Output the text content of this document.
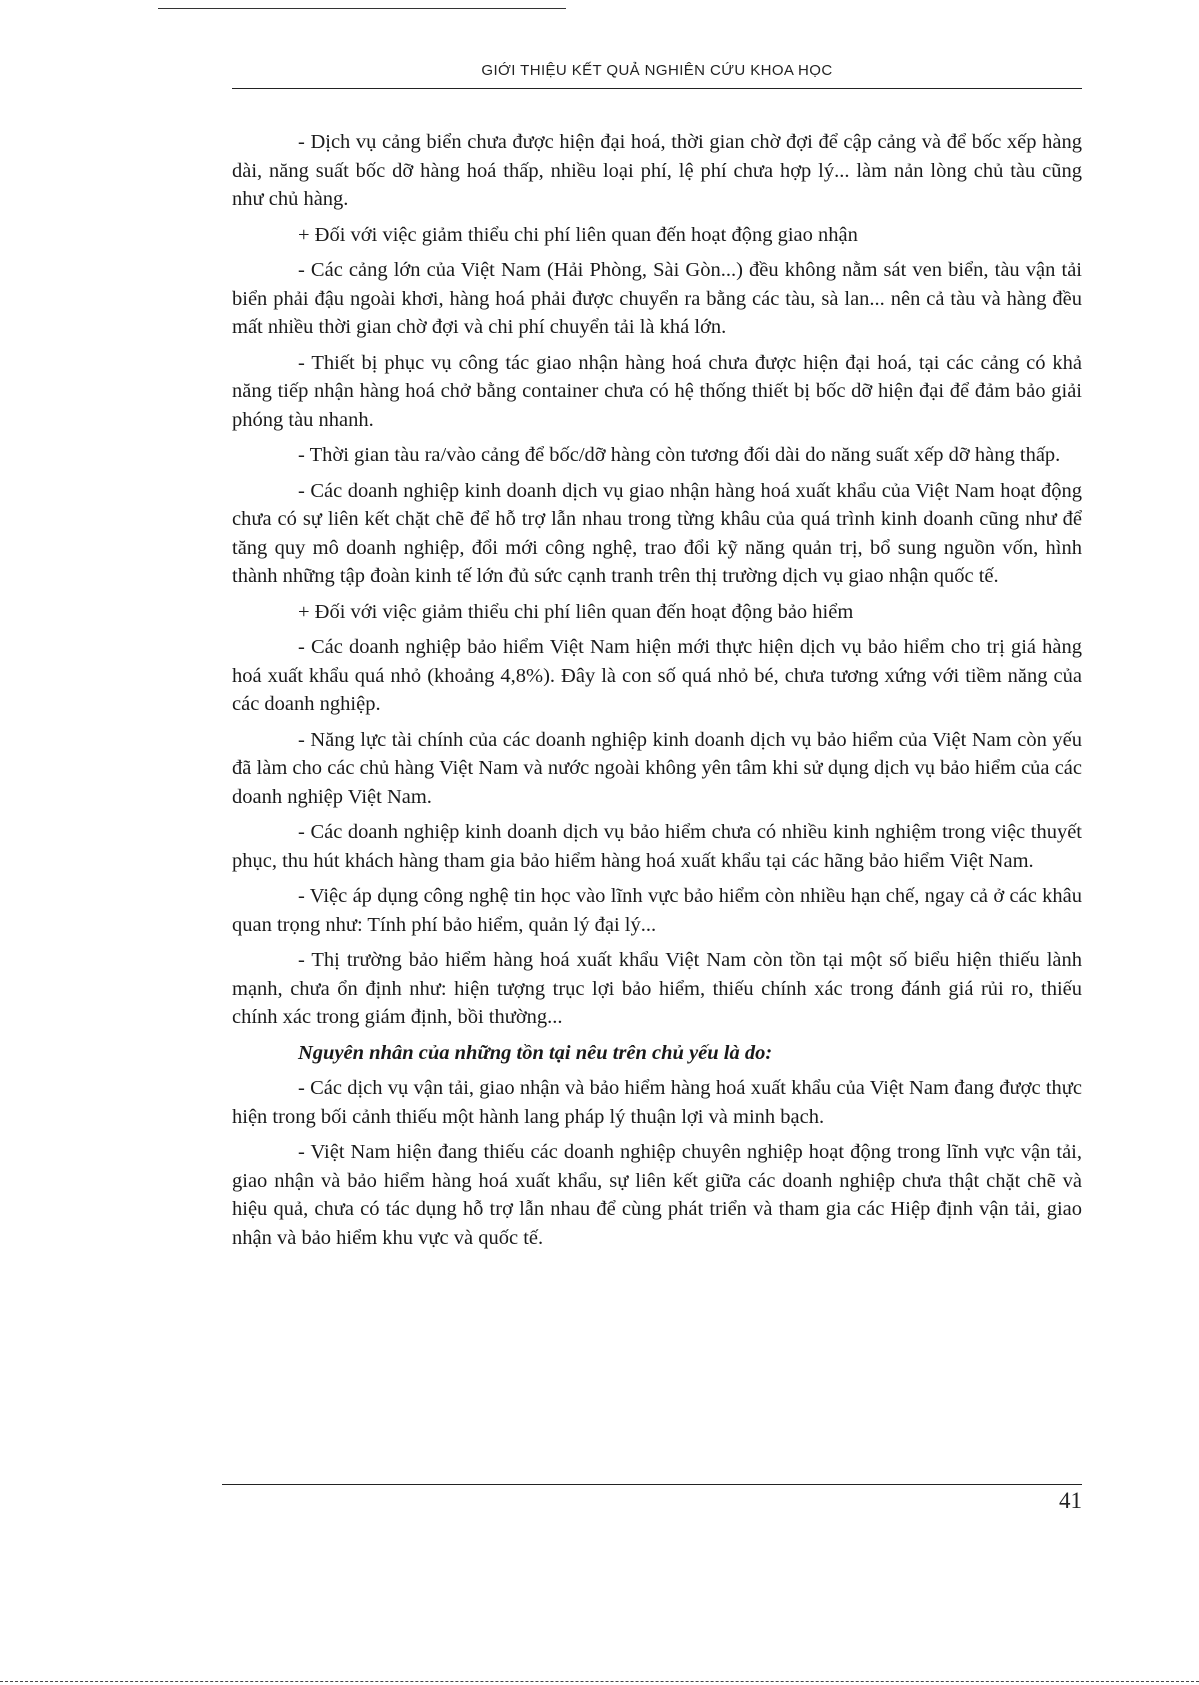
GIỚI THIỆU KẾT QUẢ NGHIÊN CỨU KHOA HỌC

- Dịch vụ cảng biển chưa được hiện đại hoá, thời gian chờ đợi để cập cảng và để bốc xếp hàng dài, năng suất bốc dỡ hàng hoá thấp, nhiều loại phí, lệ phí chưa hợp lý... làm nản lòng chủ tàu cũng như chủ hàng.

+ Đối với việc giảm thiểu chi phí liên quan đến hoạt động giao nhận

- Các cảng lớn của Việt Nam (Hải Phòng, Sài Gòn...) đều không nằm sát ven biển, tàu vận tải biển phải đậu ngoài khơi, hàng hoá phải được chuyển ra bằng các tàu, sà lan... nên cả tàu và hàng đều mất nhiều thời gian chờ đợi và chi phí chuyển tải là khá lớn.

- Thiết bị phục vụ công tác giao nhận hàng hoá chưa được hiện đại hoá, tại các cảng có khả năng tiếp nhận hàng hoá chở bằng container chưa có hệ thống thiết bị bốc dỡ hiện đại để đảm bảo giải phóng tàu nhanh.

- Thời gian tàu ra/vào cảng để bốc/dỡ hàng còn tương đối dài do năng suất xếp dỡ hàng thấp.

- Các doanh nghiệp kinh doanh dịch vụ giao nhận hàng hoá xuất khẩu của Việt Nam hoạt động chưa có sự liên kết chặt chẽ để hỗ trợ lẫn nhau trong từng khâu của quá trình kinh doanh cũng như để tăng quy mô doanh nghiệp, đổi mới công nghệ, trao đổi kỹ năng quản trị, bổ sung nguồn vốn, hình thành những tập đoàn kinh tế lớn đủ sức cạnh tranh trên thị trường dịch vụ giao nhận quốc tế.

+ Đối với việc giảm thiểu chi phí liên quan đến hoạt động bảo hiểm

- Các doanh nghiệp bảo hiểm Việt Nam hiện mới thực hiện dịch vụ bảo hiểm cho trị giá hàng hoá xuất khẩu quá nhỏ (khoảng 4,8%). Đây là con số quá nhỏ bé, chưa tương xứng với tiềm năng của các doanh nghiệp.

- Năng lực tài chính của các doanh nghiệp kinh doanh dịch vụ bảo hiểm của Việt Nam còn yếu đã làm cho các chủ hàng Việt Nam và nước ngoài không yên tâm khi sử dụng dịch vụ bảo hiểm của các doanh nghiệp Việt Nam.

- Các doanh nghiệp kinh doanh dịch vụ bảo hiểm chưa có nhiều kinh nghiệm trong việc thuyết phục, thu hút khách hàng tham gia bảo hiểm hàng hoá xuất khẩu tại các hãng bảo hiểm Việt Nam.

- Việc áp dụng công nghệ tin học vào lĩnh vực bảo hiểm còn nhiều hạn chế, ngay cả ở các khâu quan trọng như: Tính phí bảo hiểm, quản lý đại lý...

- Thị trường bảo hiểm hàng hoá xuất khẩu Việt Nam còn tồn tại một số biểu hiện thiếu lành mạnh, chưa ổn định như: hiện tượng trục lợi bảo hiểm, thiếu chính xác trong đánh giá rủi ro, thiếu chính xác trong giám định, bồi thường...

Nguyên nhân của những tồn tại nêu trên chủ yếu là do:

- Các dịch vụ vận tải, giao nhận và bảo hiểm hàng hoá xuất khẩu của Việt Nam đang được thực hiện trong bối cảnh thiếu một hành lang pháp lý thuận lợi và minh bạch.

- Việt Nam hiện đang thiếu các doanh nghiệp chuyên nghiệp hoạt động trong lĩnh vực vận tải, giao nhận và bảo hiểm hàng hoá xuất khẩu, sự liên kết giữa các doanh nghiệp chưa thật chặt chẽ và hiệu quả, chưa có tác dụng hỗ trợ lẫn nhau để cùng phát triển và tham gia các Hiệp định vận tải, giao nhận và bảo hiểm khu vực và quốc tế.

41
